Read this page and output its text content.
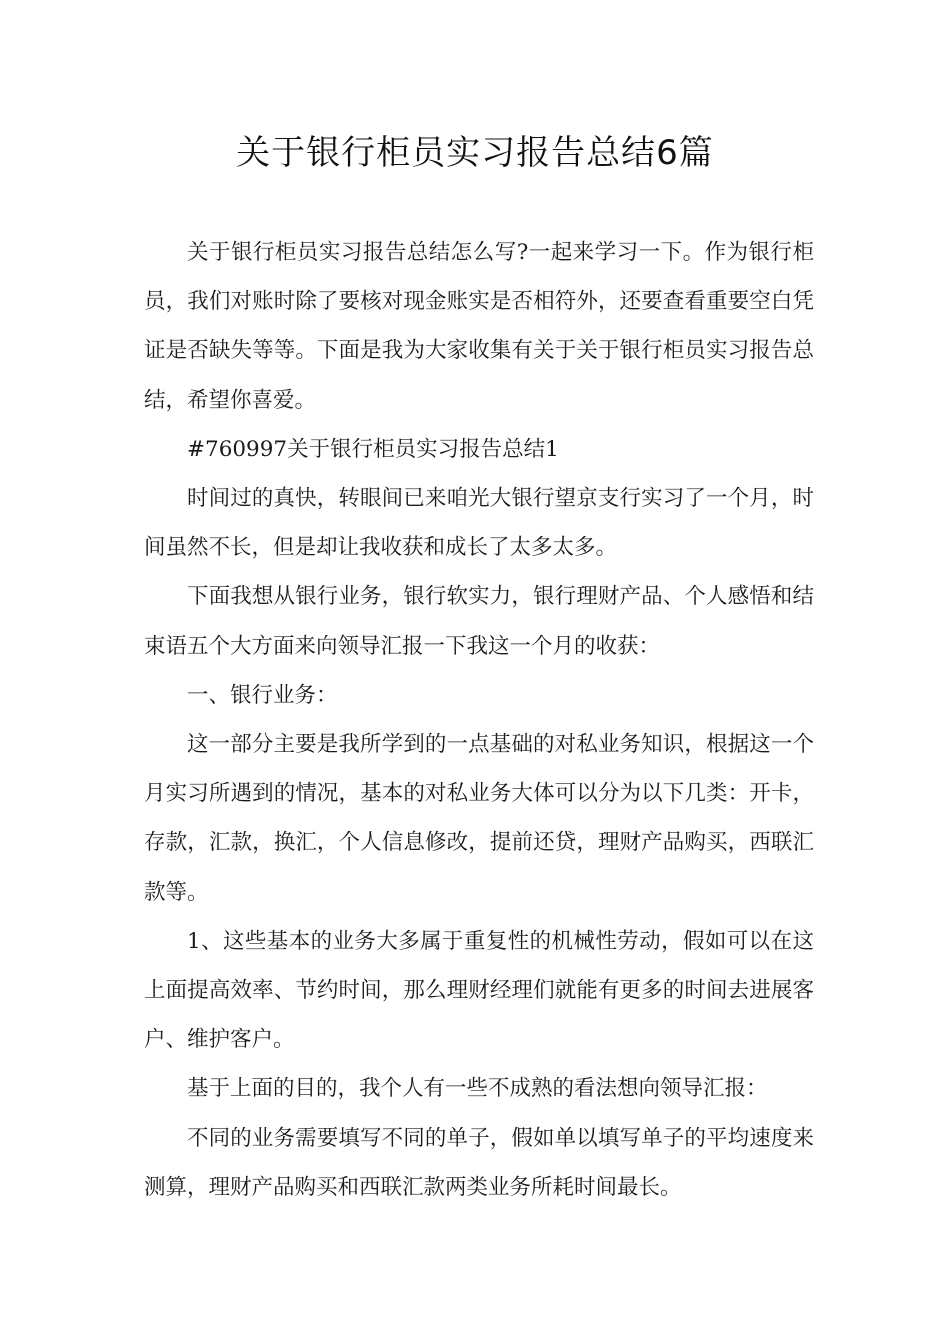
关于银行柜员实习报告总结6篇

关于银行柜员实习报告总结怎么写?一起来学习一下。作为银行柜员，我们对账时除了要核对现金账实是否相符外，还要查看重要空白凭证是否缺失等等。下面是我为大家收集有关于关于银行柜员实习报告总结，希望你喜爱。

#760997关于银行柜员实习报告总结1

时间过的真快，转眼间已来咱光大银行望京支行实习了一个月，时间虽然不长，但是却让我收获和成长了太多太多。

下面我想从银行业务，银行软实力，银行理财产品、个人感悟和结束语五个大方面来向领导汇报一下我这一个月的收获：

一、银行业务：

这一部分主要是我所学到的一点基础的对私业务知识，根据这一个月实习所遇到的情况，基本的对私业务大体可以分为以下几类：开卡，存款，汇款，换汇，个人信息修改，提前还贷，理财产品购买，西联汇款等。

1、这些基本的业务大多属于重复性的机械性劳动，假如可以在这上面提高效率、节约时间，那么理财经理们就能有更多的时间去进展客户、维护客户。

基于上面的目的，我个人有一些不成熟的看法想向领导汇报：

不同的业务需要填写不同的单子，假如单以填写单子的平均速度来测算，理财产品购买和西联汇款两类业务所耗时间最长。
